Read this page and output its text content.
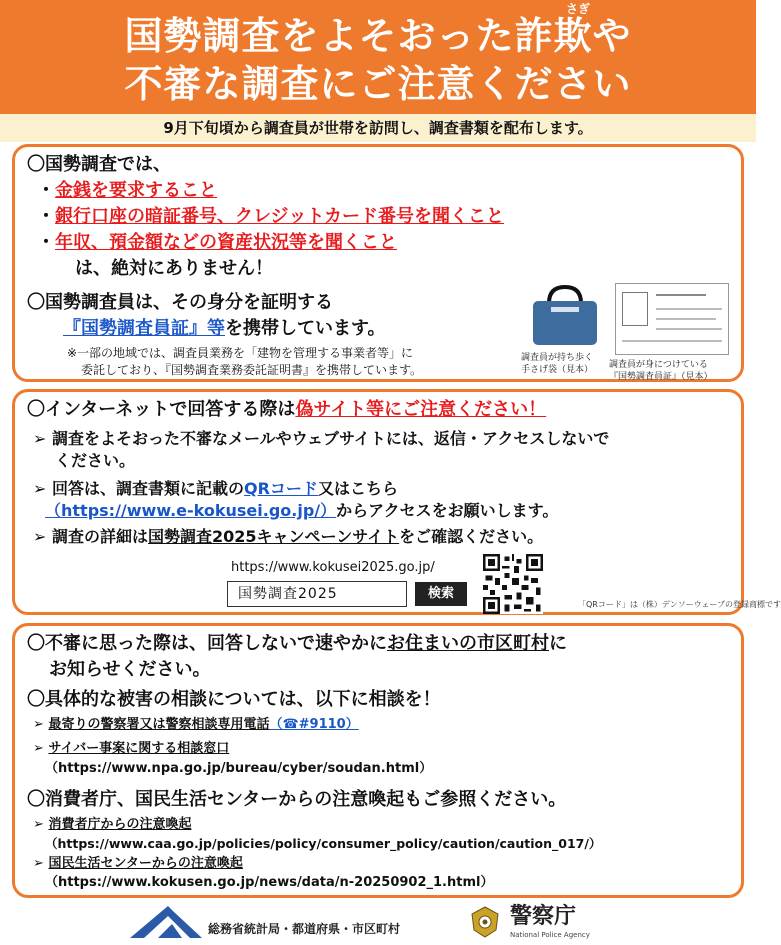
さぎ
国勢調査をよそおった詐欺や
不審な調査にご注意ください
9月下旬頃から調査員が世帯を訪問し、調査書類を配布します。
〇国勢調査では、
・金銭を要求すること
・銀行口座の暗証番号、クレジットカード番号を聞くこと
・年収、預金額などの資産状況等を聞くこと
は、絶対にありません！
〇国勢調査員は、その身分を証明する
『国勢調査員証』等を携帯しています。
※一部の地域では、調査員業務を「建物を管理する事業者等」に
委託しており、『国勢調査業務委託証明書』を携帯しています。
調査員が持ち歩く
手さげ袋（見本） 調査員が身につけている
『国勢調査員証』（見本）
〇インターネットで回答する際は偽サイト等にご注意ください！
➢ 調査をよそおった不審なメールやウェブサイトには、返信・アクセスしないで
ください。
➢ 回答は、調査書類に記載のQRコード又はこちら
（https://www.e-kokusei.go.jp/）からアクセスをお願いします。
➢ 調査の詳細は国勢調査2025キャンペーンサイトをご確認ください。
https://www.kokusei2025.go.jp/
国勢調査2025	検索
「QRコード」は（株）デンソーウェーブの登録商標です
〇不審に思った際は、回答しないで速やかにお住まいの市区町村に
お知らせください。
〇具体的な被害の相談については、以下に相談を！
➢ 最寄りの警察署又は警察相談専用電話（☎#9110）
➢ サイバー事案に関する相談窓口
（https://www.npa.go.jp/bureau/cyber/soudan.html）
〇消費者庁、国民生活センターからの注意喚起もご参照ください。
➢ 消費者庁からの注意喚起
（https://www.caa.go.jp/policies/policy/consumer_policy/caution/caution_017/）
➢ 国民生活センターからの注意喚起
（https://www.kokusen.go.jp/news/data/n-20250902_1.html）
総務省統計局・都道府県・市区町村	警察庁
National Police Agency
